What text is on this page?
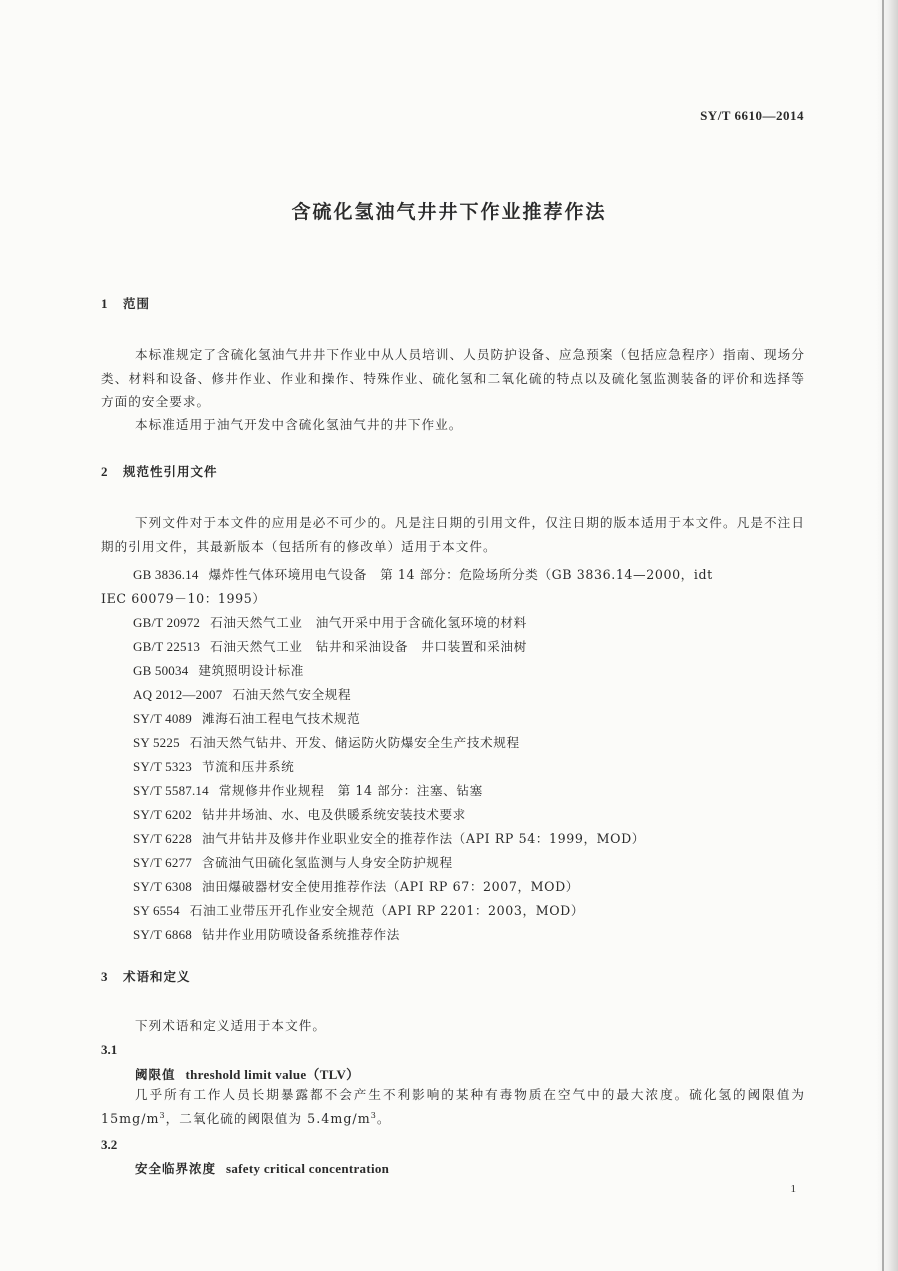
SY/T 6610—2014
含硫化氢油气井井下作业推荐作法
1 范围

本标准规定了含硫化氢油气井井下作业中从人员培训、人员防护设备、应急预案（包括应急程序）指南、现场分类、材料和设备、修井作业、作业和操作、特殊作业、硫化氢和二氧化硫的特点以及硫化氢监测装备的评价和选择等方面的安全要求。

本标准适用于油气开发中含硫化氢油气井的井下作业。

2 规范性引用文件

下列文件对于本文件的应用是必不可少的。凡是注日期的引用文件，仅注日期的版本适用于本文件。凡是不注日期的引用文件，其最新版本（包括所有的修改单）适用于本文件。

GB 3836.14 爆炸性气体环境用电气设备　第 14 部分：危险场所分类（GB 3836.14—2000，idt
IEC 60079－10：1995）
GB/T 20972 石油天然气工业　油气开采中用于含硫化氢环境的材料
GB/T 22513 石油天然气工业　钻井和采油设备　井口装置和采油树
GB 50034 建筑照明设计标准
AQ 2012—2007 石油天然气安全规程
SY/T 4089 滩海石油工程电气技术规范
SY 5225 石油天然气钻井、开发、储运防火防爆安全生产技术规程
SY/T 5323 节流和压井系统
SY/T 5587.14 常规修井作业规程　第 14 部分：注塞、钻塞
SY/T 6202 钻井井场油、水、电及供暖系统安装技术要求
SY/T 6228 油气井钻井及修井作业职业安全的推荐作法（API RP 54：1999，MOD）
SY/T 6277 含硫油气田硫化氢监测与人身安全防护规程
SY/T 6308 油田爆破器材安全使用推荐作法（API RP 67：2007，MOD）
SY 6554 石油工业带压开孔作业安全规范（API RP 2201：2003，MOD）
SY/T 6868 钻井作业用防喷设备系统推荐作法
3 术语和定义

下列术语和定义适用于本文件。

3.1
阈限值 threshold limit value（TLV）

几乎所有工作人员长期暴露都不会产生不利影响的某种有毒物质在空气中的最大浓度。硫化氢的阈限值为 $15mg/m^3$，二氧化硫的阈限值为 $5.4mg/m^3$。

3.2
安全临界浓度 safety critical concentration
1
